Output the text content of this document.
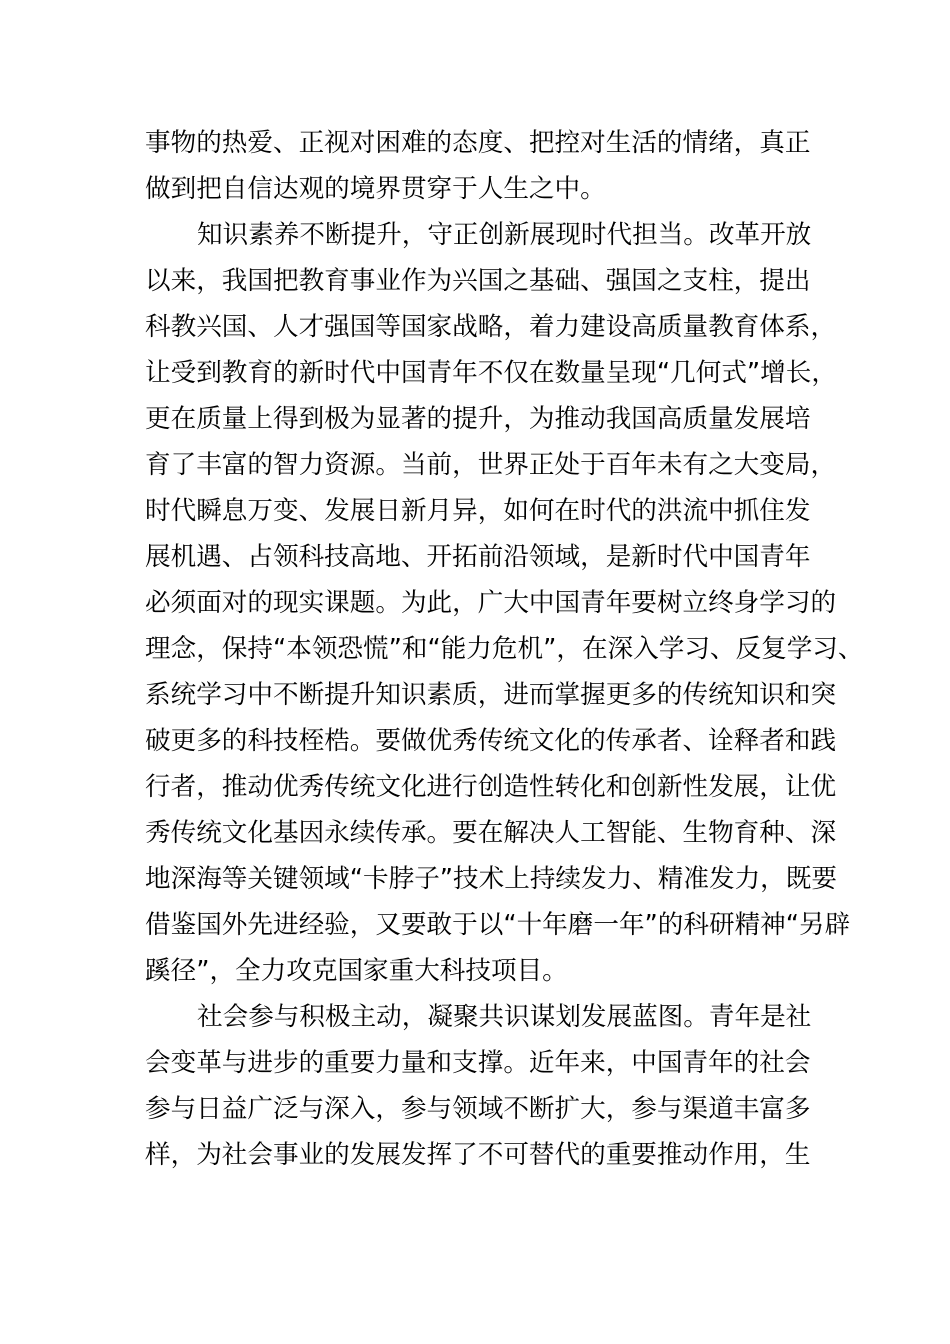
事物的热爱、正视对困难的态度、把控对生活的情绪，真正

做到把自信达观的境界贯穿于人生之中。

知识素养不断提升，守正创新展现时代担当。改革开放

以来，我国把教育事业作为兴国之基础、强国之支柱，提出

科教兴国、人才强国等国家战略，着力建设高质量教育体系，

让受到教育的新时代中国青年不仅在数量呈现“几何式”增长，

更在质量上得到极为显著的提升，为推动我国高质量发展培

育了丰富的智力资源。当前，世界正处于百年未有之大变局，

时代瞬息万变、发展日新月异，如何在时代的洪流中抓住发

展机遇、占领科技高地、开拓前沿领域，是新时代中国青年

必须面对的现实课题。为此，广大中国青年要树立终身学习的

理念，保持“本领恐慌”和“能力危机”，在深入学习、反复学习、

系统学习中不断提升知识素质，进而掌握更多的传统知识和突

破更多的科技桎梏。要做优秀传统文化的传承者、诠释者和践

行者，推动优秀传统文化进行创造性转化和创新性发展，让优

秀传统文化基因永续传承。要在解决人工智能、生物育种、深

地深海等关键领域“卡脖子”技术上持续发力、精准发力，既要

借鉴国外先进经验，又要敢于以“十年磨一年”的科研精神“另辟

蹊径”，全力攻克国家重大科技项目。

社会参与积极主动，凝聚共识谋划发展蓝图。青年是社

会变革与进步的重要力量和支撑。近年来，中国青年的社会

参与日益广泛与深入，参与领域不断扩大，参与渠道丰富多

样，为社会事业的发展发挥了不可替代的重要推动作用，生
